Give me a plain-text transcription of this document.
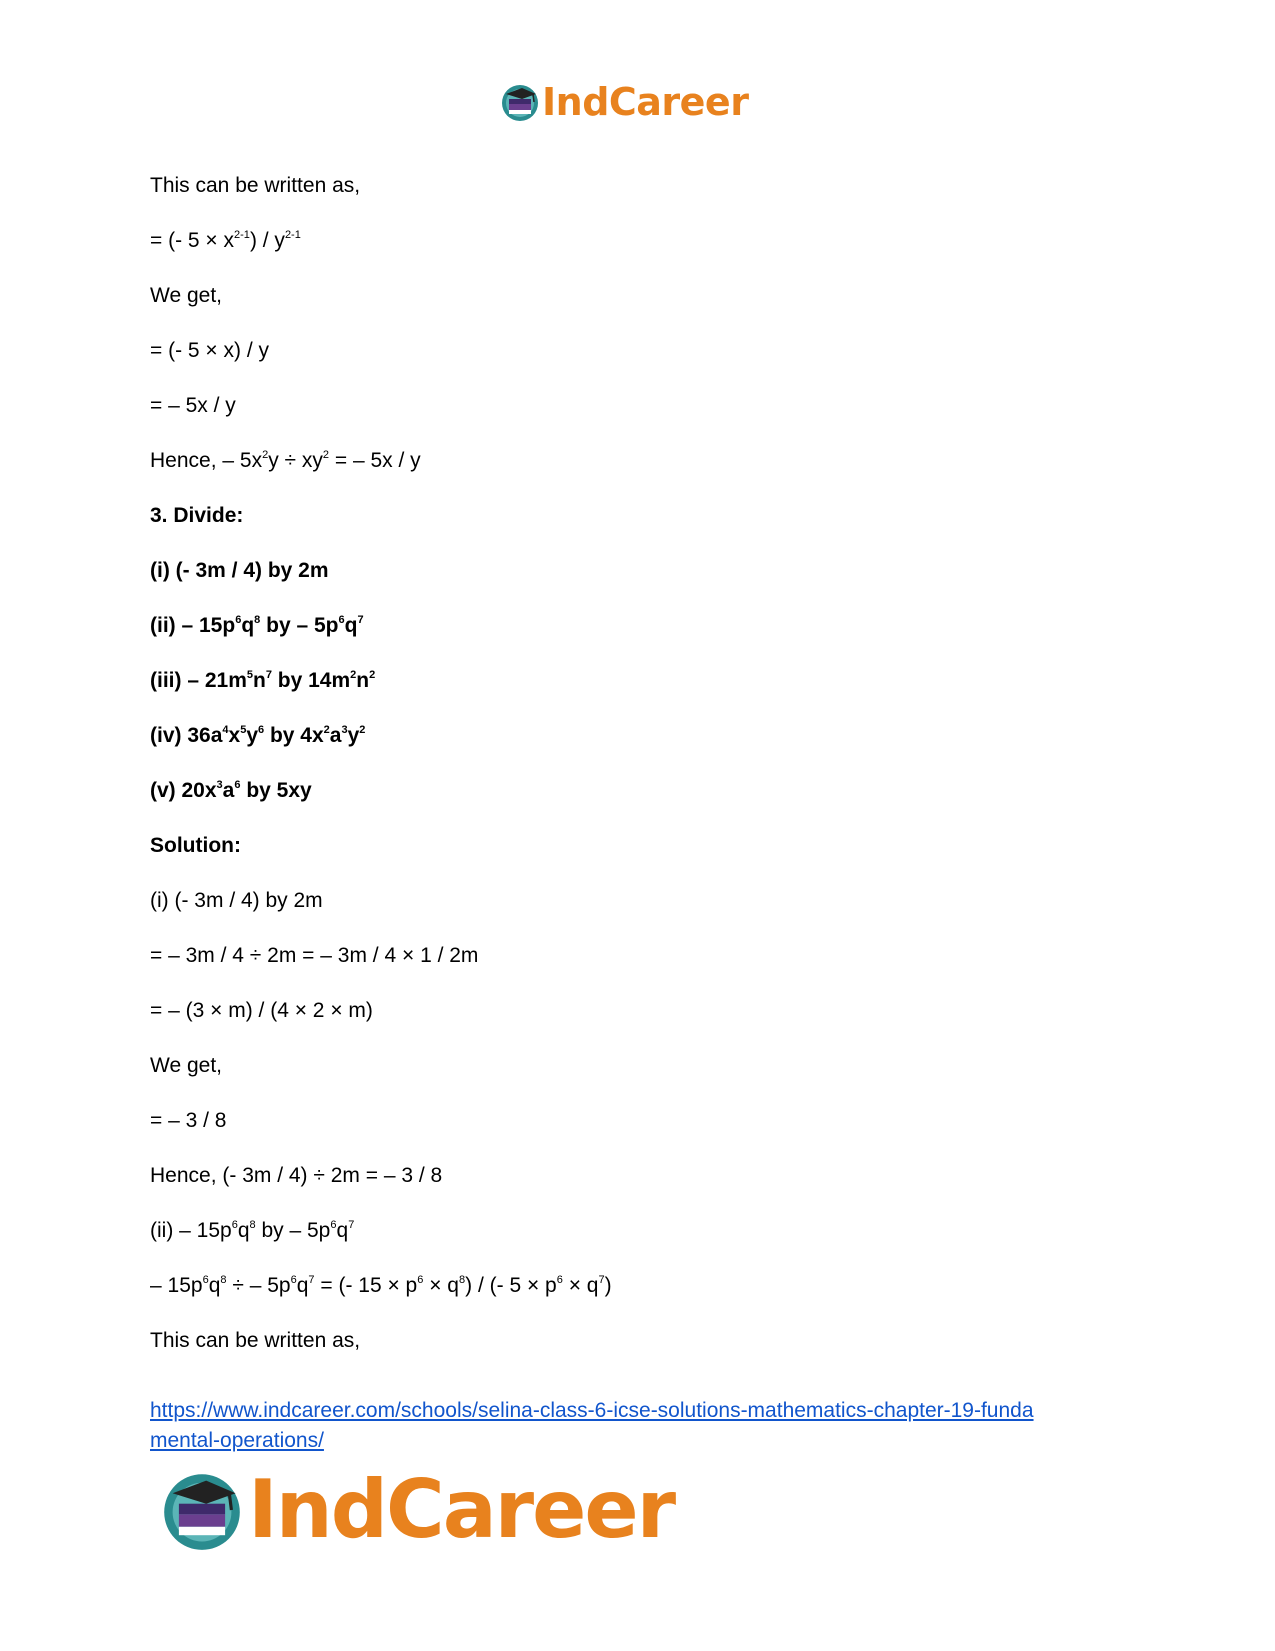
IndCareer
This can be written as,
= (- $5 \times x^{2-1}) / y^{2-1}$
We get,
= (- 5 × x) / y
= – 5x / y
Hence, – $5x^2y \div xy^2$ = – 5x / y
3. Divide:
(i) (- 3m / 4) by 2m
$(ii) - 15p^6q^8$ by – $5p^6q^7$
$(iii) - 21m^5n^7$ by $14m^2n^2$
(iv) $36a^4x^5y^6$ by $4x^2a^3y^2$
(v) $20x^3a^6$ by 5xy
Solution:
(i) (- 3m / 4) by 2m
= – 3m / 4 ÷ 2m = – 3m / 4 × 1 / 2m
= – (3 × m) / (4 × 2 × m)
We get,
= – 3 / 8
Hence, (- 3m / 4) ÷ 2m = – 3 / 8
$(ii) - 15p^6q^8$ by – $5p^6q^7$
– $15p^6q^8$ ÷ – $5p^6q^7$ = (- $15 \times p^6 \times q^8$) / (- $5 \times p^6 \times q^7$)
This can be written as,
https://www.indcareer.com/schools/selina-class-6-icse-solutions-mathematics-chapter-19-funda
mental-operations/
IndCareer
